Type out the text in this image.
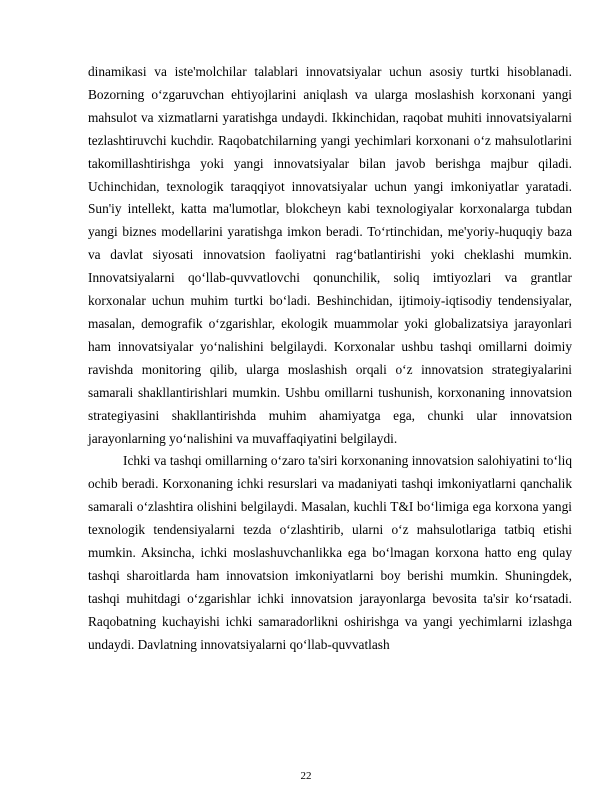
dinamikasi va iste'molchilar talablari innovatsiyalar uchun asosiy turtki hisoblanadi. Bozorning o‘zgaruvchan ehtiyojlarini aniqlash va ularga moslashish korxonani yangi mahsulot va xizmatlarni yaratishga undaydi. Ikkinchidan, raqobat muhiti innovatsiyalarni tezlashtiruvchi kuchdir. Raqobatchilarning yangi yechimlari korxonani o‘z mahsulotlarini takomillashtirishga yoki yangi innovatsiyalar bilan javob berishga majbur qiladi. Uchinchidan, texnologik taraqqiyot innovatsiyalar uchun yangi imkoniyatlar yaratadi. Sun'iy intellekt, katta ma'lumotlar, blokcheyn kabi texnologiyalar korxonalarga tubdan yangi biznes modellarini yaratishga imkon beradi. To‘rtinchidan, me'yoriy-huquqiy baza va davlat siyosati innovatsion faoliyatni rag‘batlantirishi yoki cheklashi mumkin. Innovatsiyalarni qo‘llab-quvvatlovchi qonunchilik, soliq imtiyozlari va grantlar korxonalar uchun muhim turtki bo‘ladi. Beshinchidan, ijtimoiy-iqtisodiy tendensiyalar, masalan, demografik o‘zgarishlar, ekologik muammolar yoki globalizatsiya jarayonlari ham innovatsiyalar yo‘nalishini belgilaydi. Korxonalar ushbu tashqi omillarni doimiy ravishda monitoring qilib, ularga moslashish orqali o‘z innovatsion strategiyalarini samarali shakllantirishlari mumkin. Ushbu omillarni tushunish, korxonaning innovatsion strategiyasini shakllantirishda muhim ahamiyatga ega, chunki ular innovatsion jarayonlarning yo‘nalishini va muvaffaqiyatini belgilaydi.

Ichki va tashqi omillarning o‘zaro ta'siri korxonaning innovatsion salohiyatini to‘liq ochib beradi. Korxonaning ichki resurslari va madaniyati tashqi imkoniyatlarni qanchalik samarali o‘zlashtira olishini belgilaydi. Masalan, kuchli T&I bo‘limiga ega korxona yangi texnologik tendensiyalarni tezda o‘zlashtirib, ularni o‘z mahsulotlariga tatbiq etishi mumkin. Aksincha, ichki moslashuvchanlikka ega bo‘lmagan korxona hatto eng qulay tashqi sharoitlarda ham innovatsion imkoniyatlarni boy berishi mumkin. Shuningdek, tashqi muhitdagi o‘zgarishlar ichki innovatsion jarayonlarga bevosita ta'sir ko‘rsatadi. Raqobatning kuchayishi ichki samaradorlikni oshirishga va yangi yechimlarni izlashga undaydi. Davlatning innovatsiyalarni qo‘llab-quvvatlash

22
